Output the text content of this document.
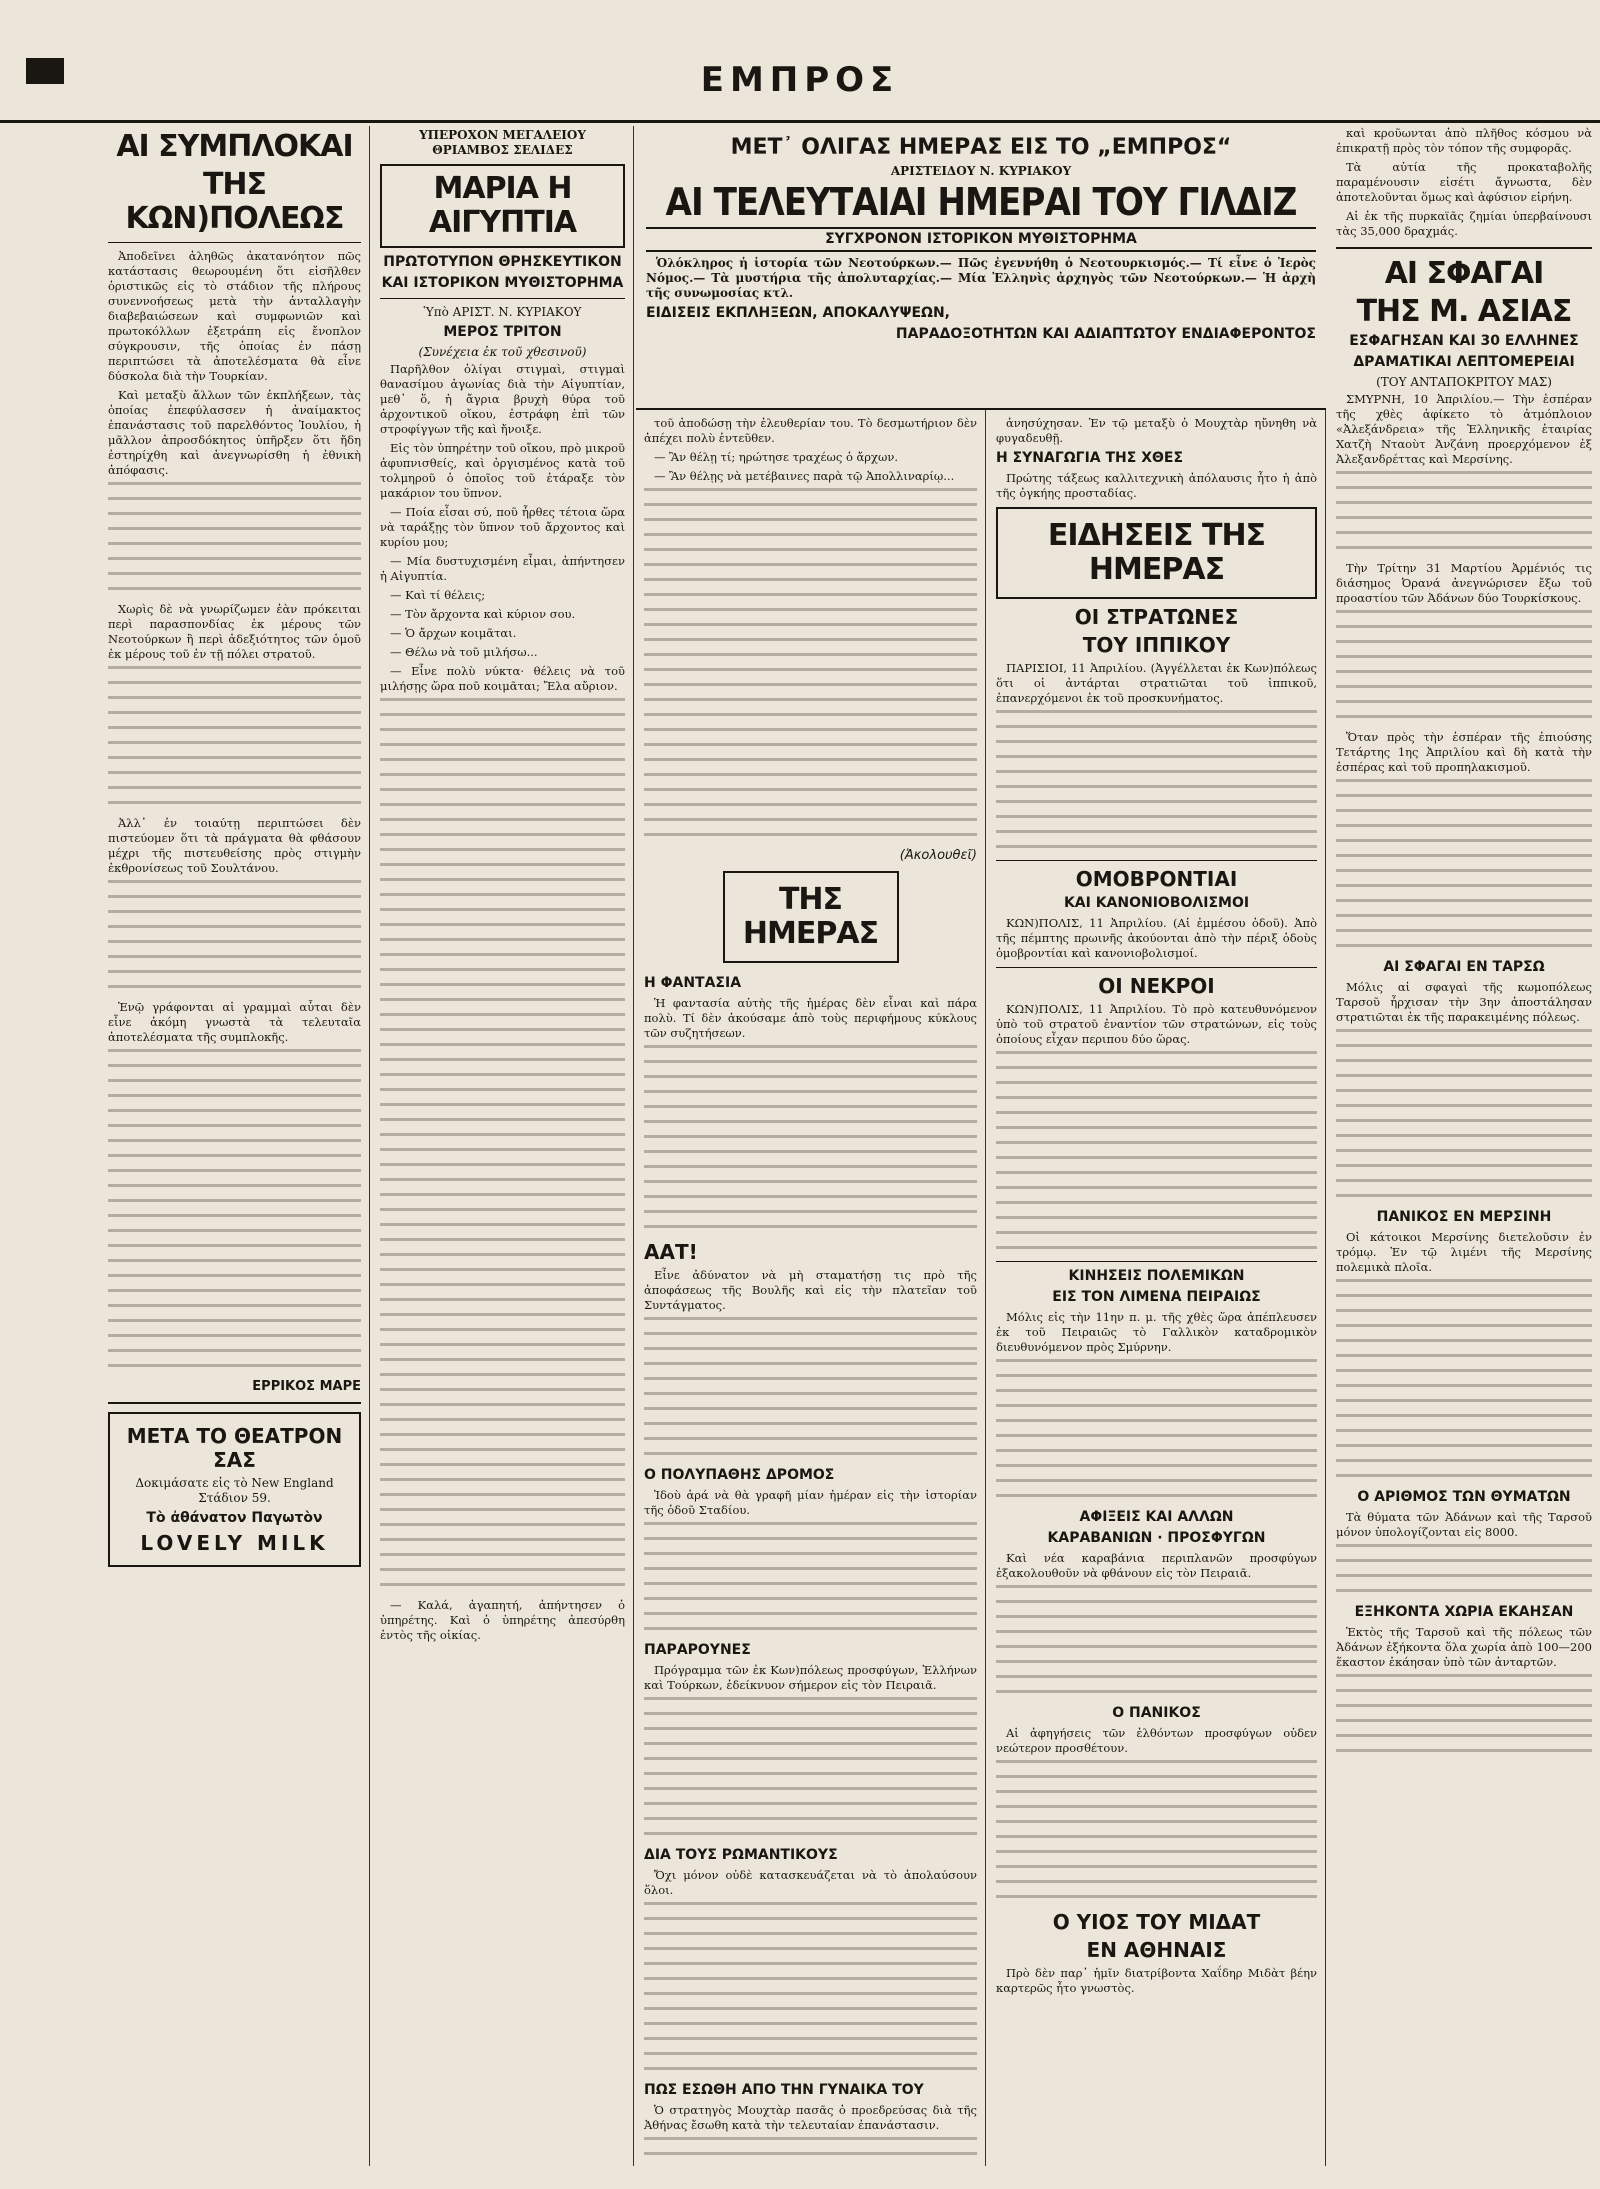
ΕΜΠΡΟΣ
ΑΙ ΣΥΜΠΛΟΚΑΙ
ΤΗΣ ΚΩΝ)ΠΟΛΕΩΣ

Ἀποδεῖνει ἀληθῶς ἀκατανόητον πῶς κατάστασις θεωρουμένη ὅτι εἰσῆλθεν ὁριστικῶς εἰς τὸ στάδιον τῆς πλήρους συνεννοήσεως μετὰ τὴν ἀνταλλαγὴν διαβεβαιώσεων καὶ συμφωνιῶν καὶ πρωτοκόλλων ἐξετράπη εἰς ἔνοπλον σύγκρουσιν, τῆς ὁποίας ἐν πάσῃ περιπτώσει τὰ ἀποτελέσματα θὰ εἶνε δύσκολα διὰ τὴν Τουρκίαν.

Καὶ μεταξὺ ἄλλων τῶν ἐκπλήξεων, τὰς ὁποίας ἐπεφύλασσεν ἡ ἀναίμακτος ἐπανάστασις τοῦ παρελθόντος Ἰουλίου, ἡ μᾶλλον ἀπροσδόκητος ὑπῆρξεν ὅτι ἤδη ἐστηρίχθη καὶ ἀνεγνωρίσθη ἡ ἐθνικὴ ἀπόφασις.

Χωρὶς δὲ νὰ γνωρίζωμεν ἐὰν πρόκειται περὶ παρασπονδίας ἐκ μέρους τῶν Νεοτούρκων ἢ περὶ ἀδεξιότητος τῶν ὁμοῦ ἐκ μέρους τοῦ ἐν τῇ πόλει στρατοῦ.

Ἀλλ᾽ ἐν τοιαύτῃ περιπτώσει δὲν πιστεύομεν ὅτι τὰ πράγματα θὰ φθάσουν μέχρι τῆς πιστευθείσης πρὸς στιγμὴν ἐκθρονίσεως τοῦ Σουλτάνου.

Ἐνῷ γράφονται αἱ γραμμαὶ αὗται δὲν εἶνε ἀκόμη γνωστὰ τὰ τελευταῖα ἀποτελέσματα τῆς συμπλοκῆς.

ΕΡΡΙΚΟΣ ΜΑΡΕ
ΜΕΤΑ ΤΟ ΘΕΑΤΡΟΝ ΣΑΣ
Δοκιμάσατε εἰς τὸ New England Στάδιον 59.
Τὸ ἀθάνατον Παγωτὸν
LOVELY MILK
ΥΠΕΡΟΧΟΝ ΜΕΓΑΛΕΙΟΥ ΘΡΙΑΜΒΟΣ ΣΕΛΙΔΕΣ
ΜΑΡΙΑ Η ΑΙΓΥΠΤΙΑ
ΠΡΩΤΟΤΥΠΟΝ ΘΡΗΣΚΕΥΤΙΚΟΝ
ΚΑΙ ΙΣΤΟΡΙΚΟΝ ΜΥΘΙΣΤΟΡΗΜΑ
Ὑπὸ ΑΡΙΣΤ. Ν. ΚΥΡΙΑΚΟΥ
ΜΕΡΟΣ ΤΡΙΤΟΝ
(Συνέχεια ἐκ τοῦ χθεσινοῦ)

Παρῆλθον ὀλίγαι στιγμαὶ, στιγμαὶ θανασίμου ἀγωνίας διὰ τὴν Αἰγυπτίαν, μεθ᾽ ὅ, ἡ ἄγρια βρυχὴ θύρα τοῦ ἀρχοντικοῦ οἴκου, ἐστράφη ἐπὶ τῶν στροφίγγων τῆς καὶ ἤνοιξε.

Εἰς τὸν ὑπηρέτην τοῦ οἴκου, πρὸ μικροῦ ἀφυπνισθείς, καὶ ὀργισμένος κατὰ τοῦ τολμηροῦ ὁ ὁποῖος τοῦ ἐτάραξε τὸν μακάριον του ὕπνον.

— Ποία εἶσαι σύ, ποῦ ἦρθες τέτοια ὥρα νὰ ταράξῃς τὸν ὕπνον τοῦ ἄρχοντος καὶ κυρίου μου;

— Μία δυστυχισμένη εἶμαι, ἀπήντησεν ἡ Αἰγυπτία.

— Καὶ τί θέλεις;

— Τὸν ἄρχοντα καὶ κύριον σου.

— Ὁ ἄρχων κοιμᾶται.

— Θέλω νὰ τοῦ μιλήσω...

— Εἶνε πολὺ νύκτα· θέλεις νὰ τοῦ μιλήσῃς ὥρα ποῦ κοιμᾶται; Ἔλα αὔριον.

— Καλά, ἀγαπητή, ἀπήντησεν ὁ ὑπηρέτης. Καὶ ὁ ὑπηρέτης ἀπεσύρθη ἐντὸς τῆς οἰκίας.

ΜΕΤ᾽ ΟΛΙΓΑΣ ΗΜΕΡΑΣ ΕΙΣ ΤΟ „ΕΜΠΡΟΣ“
ΑΡΙΣΤΕΙΔΟΥ Ν. ΚΥΡΙΑΚΟΥ
ΑΙ ΤΕΛΕΥΤΑΙΑΙ ΗΜΕΡΑΙ ΤΟΥ ΓΙΛΔΙΖ
ΣΥΓΧΡΟΝΟΝ ΙΣΤΟΡΙΚΟΝ ΜΥΘΙΣΤΟΡΗΜΑ

Ὁλόκληρος ἡ ἱστορία τῶν Νεοτούρκων.— Πῶς ἐγεννήθη ὁ Νεοτουρκισμός.— Τί εἶνε ὁ Ἱερὸς Νόμος.— Τὰ μυστήρια τῆς ἀπολυταρχίας.— Μία Ἑλληνὶς ἀρχηγὸς τῶν Νεοτούρκων.— Ἡ ἀρχὴ τῆς συνωμοσίας κτλ.

ΕΙΔΙΣΕΙΣ ΕΚΠΛΗΞΕΩΝ, ΑΠΟΚΑΛΥΨΕΩΝ,
ΠΑΡΑΔΟΞΟΤΗΤΩΝ ΚΑΙ ΑΔΙΑΠΤΩΤΟΥ ΕΝΔΙΑΦΕΡΟΝΤΟΣ

τοῦ ἀποδώσῃ τὴν ἐλευθερίαν του. Τὸ δεσμωτήριον δὲν ἀπέχει πολὺ ἐντεῦθεν.

— Ἂν θέλῃ τί; ηρώτησε τραχέως ὁ ἄρχων.

— Ἂν θέλῃς νὰ μετέβαινες παρὰ τῷ Ἀπολλιναρίῳ...

(Ἀκολουθεῖ)
ΤΗΣ ΗΜΕΡΑΣ
Η ΦΑΝΤΑΣΙΑ

Ἡ φαντασία αὐτὴς τῆς ἡμέρας δὲν εἶναι καὶ πάρα πολὺ. Τί δὲν ἀκούσαμε ἀπὸ τοὺς περιφήμους κύκλους τῶν συζητήσεων.

ΑΑΤ!

Εἶνε ἀδύνατον νὰ μὴ σταματήσῃ τις πρὸ τῆς ἀποφάσεως τῆς Βουλῆς καὶ εἰς τὴν πλατεῖαν τοῦ Συντάγματος.

Ο ΠΟΛΥΠΑΘΗΣ ΔΡΟΜΟΣ

Ἰδοὺ ἀρά νὰ θὰ γραφῆ μίαν ἡμέραν εἰς τὴν ἱστορίαν τῆς ὁδοῦ Σταδίου.

ΠΑΡΑΡΟΥΝΕΣ

Πρόγραμμα τῶν ἐκ Κων)πόλεως προσφύγων, Ἑλλήνων καὶ Τούρκων, ἐδείκνυον σήμερον εἰς τὸν Πειραιᾶ.

ΔΙΑ ΤΟΥΣ ΡΩΜΑΝΤΙΚΟΥΣ

Ὄχι μόνον οὐδὲ κατασκευάζεται νὰ τὸ ἀπολαύσουν ὅλοι.

ΠΩΣ ΕΣΩΘΗ ΑΠΟ ΤΗΝ ΓΥΝΑΙΚΑ ΤΟΥ

Ὁ στρατηγὸς Μουχτὰρ πασᾶς ὁ προεδρεύσας διὰ τῆς Ἀθήνας ἔσωθη κατὰ τὴν τελευταίαν ἐπανάστασιν.

ἀνησύχησαν. Ἐν τῷ μεταξὺ ὁ Μουχτὰρ ηὔνηθη νὰ φυγαδευθῇ.

Η ΣΥΝΑΓΩΓΙΑ ΤΗΣ ΧΘΕΣ

Πρώτης τάξεως καλλιτεχνικὴ ἀπόλαυσις ἦτο ἡ ἀπὸ τῆς ὀγκήης προσταδίας.

ΕΙΔΗΣΕΙΣ ΤΗΣ ΗΜΕΡΑΣ
ΟΙ ΣΤΡΑΤΩΝΕΣ
ΤΟΥ ΙΠΠΙΚΟΥ

ΠΑΡΙΣΙΟΙ, 11 Ἀπριλίου. (Ἀγγέλλεται ἐκ Κων)πόλεως ὅτι οἱ ἀντάρται στρατιῶται τοῦ ἱππικοῦ, ἐπανερχόμενοι ἐκ τοῦ προσκυνήματος.

ΟΜΟΒΡΟΝΤΙΑΙ
ΚΑΙ ΚΑΝΟΝΙΟΒΟΛΙΣΜΟΙ

ΚΩΝ)ΠΟΛΙΣ, 11 Ἀπριλίου. (Αἱ ἐμμέσου ὁδοῦ). Ἀπὸ τῆς πέμπτης πρωινῆς ἀκούονται ἀπὸ τὴν πέριξ ὁδοὺς ὁμοβροντίαι καὶ κανονιοβολισμοί.

ΟΙ ΝΕΚΡΟΙ

ΚΩΝ)ΠΟΛΙΣ, 11 Ἀπριλίου. Τὸ πρὸ κατευθυνόμενον ὑπὸ τοῦ στρατοῦ ἐναντίον τῶν στρατώνων, εἰς τοὺς ὁποίους εἶχαν περιπου δύο ὥρας.

ΚΙΝΗΣΕΙΣ ΠΟΛΕΜΙΚΩΝ
ΕΙΣ ΤΟΝ ΛΙΜΕΝΑ ΠΕΙΡΑΙΩΣ

Μόλις εἰς τὴν 11ην π. μ. τῆς χθὲς ὥρα ἀπέπλευσεν ἐκ τοῦ Πειραιῶς τὸ Γαλλικὸν καταδρομικὸν διευθυνόμενον πρὸς Σμύρνην.

ΑΦΙΞΕΙΣ ΚΑΙ ΑΛΛΩΝ
ΚΑΡΑΒΑΝΙΩΝ · ΠΡΟΣΦΥΓΩΝ

Καὶ νέα καραβάνια περιπλανῶν προσφύγων ἐξακολουθοῦν νὰ φθάνουν εἰς τὸν Πειραιᾶ.

Ο ΠΑΝΙΚΟΣ

Αἱ ἀφηγήσεις τῶν ἐλθόντων προσφύγων οὐδεν νεώτερον προσθέτουν.

Ο ΥΙΟΣ ΤΟΥ ΜΙΔΑΤ
ΕΝ ΑΘΗΝΑΙΣ

Πρὸ δὲν παρ᾽ ἡμῖν διατρίβοντα Χαΐδηρ Μιδὰτ βέην καρτερῶς ἦτο γνωστὸς.

καὶ κροῦωνται ἀπὸ πλῆθος κόσμου νὰ ἐπικρατῇ πρὸς τὸν τόπον τῆς συμφορᾶς.

Τὰ αὐτία τῆς προκαταβολῆς παραμένουσιν εἰσέτι ἄγνωστα, δὲν ἀποτελοῦνται ὅμως καὶ ἀφύσιον εἰρήνη.

Αἱ ἐκ τῆς πυρκαϊᾶς ζημίαι ὑπερβαίνουσι τὰς 35,000 δραχμάς.

ΑΙ ΣΦΑΓΑΙ
ΤΗΣ Μ. ΑΣΙΑΣ
ΕΣΦΑΓΗΣΑΝ ΚΑΙ 30 ΕΛΛΗΝΕΣ
ΔΡΑΜΑΤΙΚΑΙ ΛΕΠΤΟΜΕΡΕΙΑΙ
(ΤΟΥ ΑΝΤΑΠΟΚΡΙΤΟΥ ΜΑΣ)

ΣΜΥΡΝΗ, 10 Ἀπριλίου.— Τὴν ἑσπέραν τῆς χθὲς ἀφίκετο τὸ ἀτμόπλοιον «Ἀλεξάνδρεια» τῆς Ἑλληνικῆς ἑταιρίας Χατζὴ Νταοὺτ Ἀνζάνη προερχόμενον ἐξ Ἀλεξανδρέττας καὶ Μερσίνης.

Τὴν Τρίτην 31 Μαρτίου Ἀρμένιός τις διάσημος Ὀρανά ἀνεγνώρισεν ἔξω τοῦ προαστίου τῶν Ἀδάνων δύο Τουρκίσκους.

Ὅταν πρὸς τὴν ἑσπέραν τῆς ἐπιούσης Τετάρτης 1ης Ἀπριλίου καὶ δὴ κατὰ τὴν ἐσπέρας καὶ τοῦ προπηλακισμοῦ.

ΑΙ ΣΦΑΓΑΙ ΕΝ ΤΑΡΣΩ

Μόλις αἱ σφαγαὶ τῆς κωμοπόλεως Ταρσοῦ ἦρχισαν τὴν 3ην ἀποστάλησαν στρατιῶται ἐκ τῆς παρακειμένης πόλεως.

ΠΑΝΙΚΟΣ ΕΝ ΜΕΡΣΙΝΗ

Οἱ κάτοικοι Μερσίνης διετελοῦσιν ἐν τρόμῳ. Ἐν τῷ λιμένι τῆς Μερσίνης πολεμικὰ πλοῖα.

Ο ΑΡΙΘΜΟΣ ΤΩΝ ΘΥΜΑΤΩΝ

Τὰ θύματα τῶν Ἀδάνων καὶ τῆς Ταρσοῦ μόνον ὑπολογίζονται εἰς 8000.

ΕΞΗΚΟΝΤΑ ΧΩΡΙΑ ΕΚΑΗΣΑΝ

Ἐκτὸς τῆς Ταρσοῦ καὶ τῆς πόλεως τῶν Ἀδάνων ἐξήκοντα ὅλα χωρία ἀπὸ 100—200 ἕκαστον ἐκάησαν ὑπὸ τῶν ἀνταρτῶν.
